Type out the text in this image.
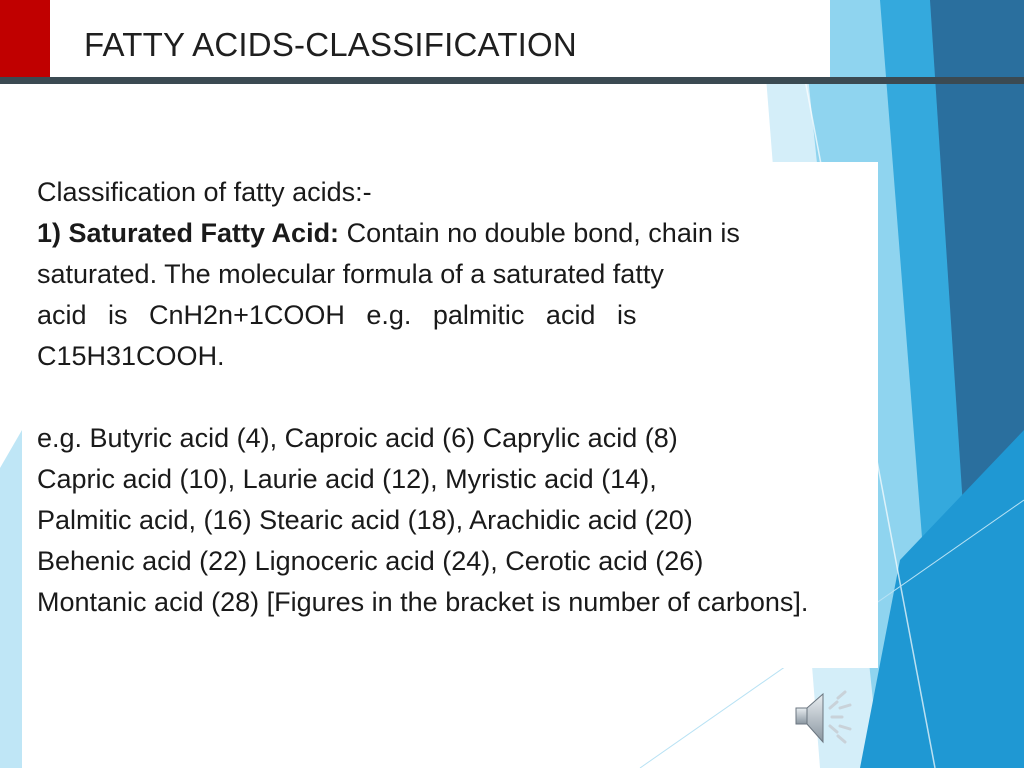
FATTY ACIDS-CLASSIFICATION

Classification of fatty acids:-

1) Saturated Fatty Acid: Contain no double bond, chain is saturated. The molecular formula of a saturated fatty

acid is CnH2n+1COOH e.g. palmitic acid is

C15H31COOH.

e.g. Butyric acid (4), Caproic acid (6) Caprylic acid (8)

Capric acid (10), Laurie acid (12), Myristic acid (14),

Palmitic acid, (16) Stearic acid (18), Arachidic acid (20)

Behenic acid (22) Lignoceric acid (24), Cerotic acid (26)

Montanic acid (28) [Figures in the bracket is number of carbons].
